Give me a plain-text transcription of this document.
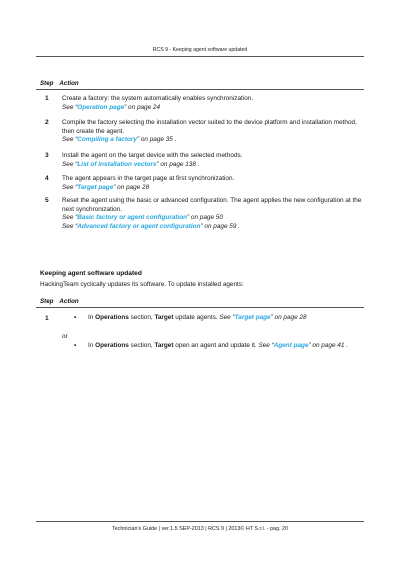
RCS 9 - Keeping agent software updated
Step Action
1 Create a factory: the system automatically enables synchronization.
See “Operation page” on page 24
2 Compile the factory selecting the installation vector suited to the device platform and installation method, then create the agent.
See “Compiling a factory” on page 35 .
3 Install the agent on the target device with the selected methods.
See “List of installation vectors” on page 138 .
4 The agent appears in the target page at first synchronization.
See “Target page” on page 28
5 Reset the agent using the basic or advanced configuration. The agent applies the new configuration at the next synchronization.
See “Basic factory or agent configuration” on page 50
See “Advanced factory or agent configuration” on page 59 .
Keeping agent software updated
HackingTeam cyclically updates its software. To update installed agents:
Step Action
1	• In Operations section, Target update agents. See “Target page” on page 28
or
• In Operations section, Target open an agent and update it. See “Agent page” on page 41 .
Technician's Guide | ver.1.5 SEP-2013 | RCS 9 | 2013© HT S.r.l. - pag. 20
